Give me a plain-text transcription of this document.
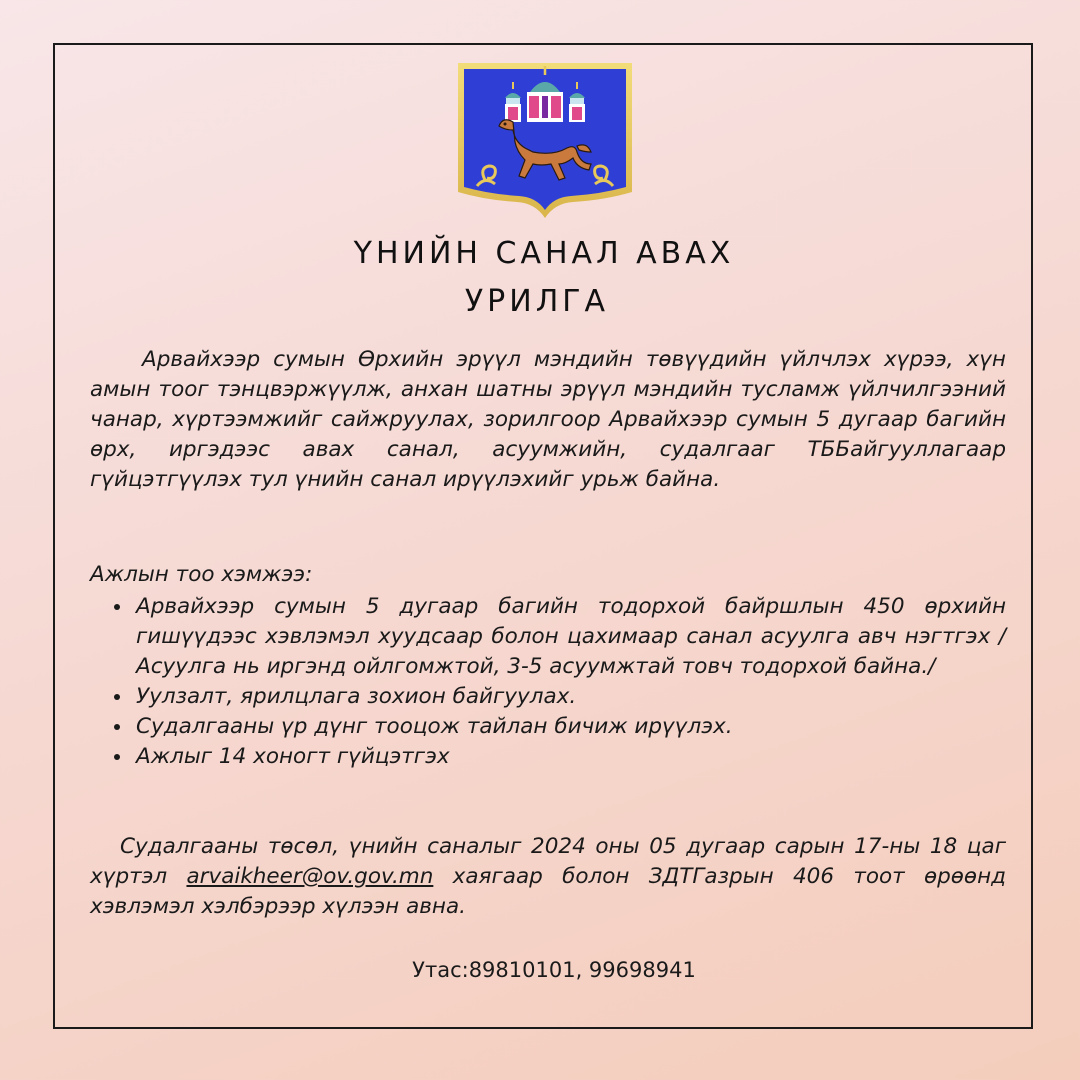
ҮНИЙН САНАЛ АВАХ
УРИЛГА

Арвайхээр сумын Өрхийн эрүүл мэндийн төвүүдийн үйлчлэх хүрээ, хүн амын тоог тэнцвэржүүлж, анхан шатны эрүүл мэндийн тусламж үйлчилгээний чанар, хүртээмжийг сайжруулах, зорилгоор Арвайхээр сумын 5 дугаар багийн өрх, иргэдээс авах санал, асуумжийн, судалгааг ТББайгууллагаар гүйцэтгүүлэх тул үнийн санал ирүүлэхийг урьж байна.

Ажлын тоо хэмжээ:

Арвайхээр сумын 5 дугаар багийн тодорхой байршлын 450 өрхийн гишүүдээс хэвлэмэл хуудсаар болон цахимаар санал асуулга авч нэгтгэх /Асуулга нь иргэнд ойлгомжтой, 3-5 асуумжтай товч тодорхой байна./
Уулзалт, ярилцлага зохион байгуулах.
Судалгааны үр дүнг тооцож тайлан бичиж ирүүлэх.
Ажлыг 14 хоногт гүйцэтгэх

Судалгааны төсөл, үнийн саналыг 2024 оны 05 дугаар сарын 17-ны 18 цаг хүртэл arvaikheer@ov.gov.mn хаягаар болон ЗДТГазрын 406 тоот өрөөнд хэвлэмэл хэлбэрээр хүлээн авна.

Утас:89810101, 99698941
